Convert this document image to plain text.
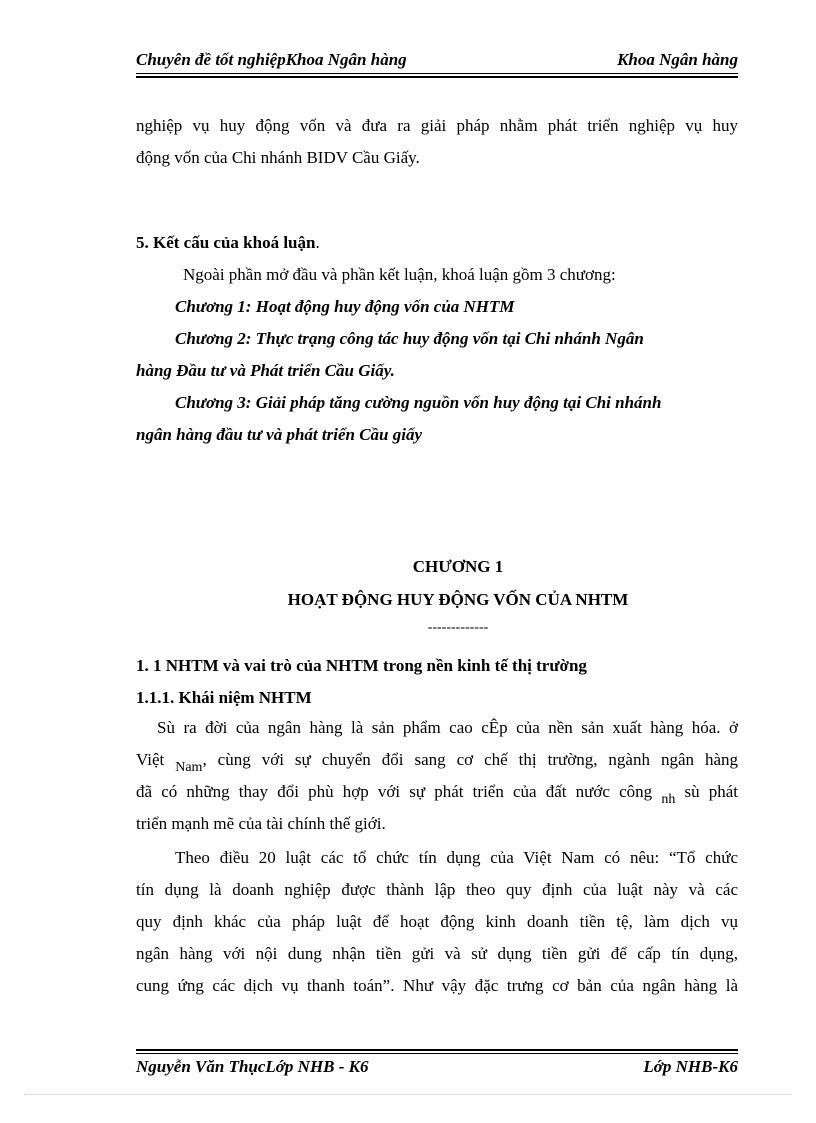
Chuyên đề tốt nghiệpKhoa Ngân hàng	Khoa Ngân hàng
nghiệp vụ huy động vốn và đưa ra giải pháp nhằm phát triển nghiệp vụ huy
động vốn của Chi nhánh BIDV Cầu Giấy.
5. Kết cấu của khoá luận.
Ngoài phần mở đầu và phần kết luận, khoá luận gồm 3 chương:
Chương 1: Hoạt động huy động vốn của NHTM
Chương 2: Thực trạng công tác huy động vốn tại Chi nhánh Ngân
hàng Đầu tư và Phát triển Cầu Giấy.
Chương 3: Giải pháp tăng cường nguồn vốn huy động tại Chi nhánh
ngân hàng đầu tư và phát triển Cầu giấy
CHƯƠNG 1
HOẠT ĐỘNG HUY ĐỘNG VỐN CỦA NHTM
-------------
1. 1 NHTM và vai trò của NHTM trong nền kinh tế thị trường
1.1.1. Khái niệm NHTM
Sù ra đời của ngân hàng là sản phẩm cao cÊp của nền sản xuất hàng hóa. ở
Việt $_{Nam}$, cùng với sự chuyển đổi sang cơ chế thị trường, ngành ngân hàng
đã có những thay đổi phù hợp với sự phát triển của đất nước công $_{nh}$ sù phát
triển mạnh mẽ của tài chính thế giới.
Theo điều 20 luật các tổ chức tín dụng của Việt Nam có nêu: “Tổ chức
tín dụng là doanh nghiệp được thành lập theo quy định của luật này và các
quy định khác của pháp luật để hoạt động kinh doanh tiền tệ, làm dịch vụ
ngân hàng với nội dung nhận tiền gửi và sử dụng tiền gửi để cấp tín dụng,
cung ứng các dịch vụ thanh toán”. Như vậy đặc trưng cơ bản của ngân hàng là
Nguyễn Văn ThụcLớp NHB - K6	Lớp NHB-K6
